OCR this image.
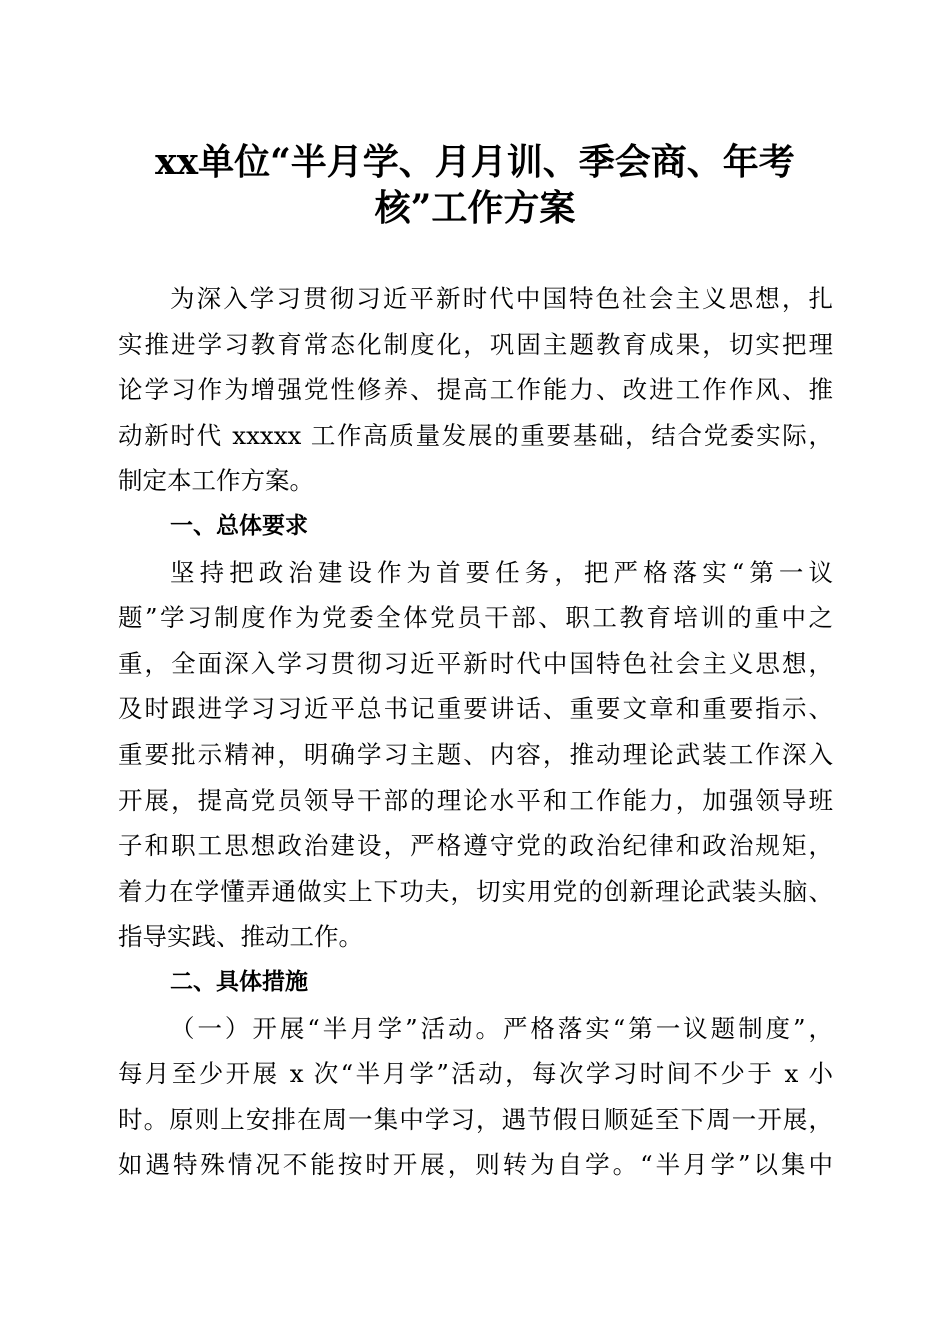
xx单位“半月学、月月训、季会商、年考
核”工作方案
为深入学习贯彻习近平新时代中国特色社会主义思想，扎
实推进学习教育常态化制度化，巩固主题教育成果，切实把理
论学习作为增强党性修养、提高工作能力、改进工作作风、推
动新时代 xxxxx 工作高质量发展的重要基础，结合党委实际，
制定本工作方案。
一、总体要求
坚持把政治建设作为首要任务，把严格落实“第一议
题”学习制度作为党委全体党员干部、职工教育培训的重中之
重，全面深入学习贯彻习近平新时代中国特色社会主义思想，
及时跟进学习习近平总书记重要讲话、重要文章和重要指示、
重要批示精神，明确学习主题、内容，推动理论武装工作深入
开展，提高党员领导干部的理论水平和工作能力，加强领导班
子和职工思想政治建设，严格遵守党的政治纪律和政治规矩，
着力在学懂弄通做实上下功夫，切实用党的创新理论武装头脑、
指导实践、推动工作。
二、具体措施
（一）开展“半月学”活动。严格落实“第一议题制度”，
每月至少开展 x 次“半月学”活动，每次学习时间不少于 x 小
时。原则上安排在周一集中学习，遇节假日顺延至下周一开展，
如遇特殊情况不能按时开展，则转为自学。“半月学”以集中
